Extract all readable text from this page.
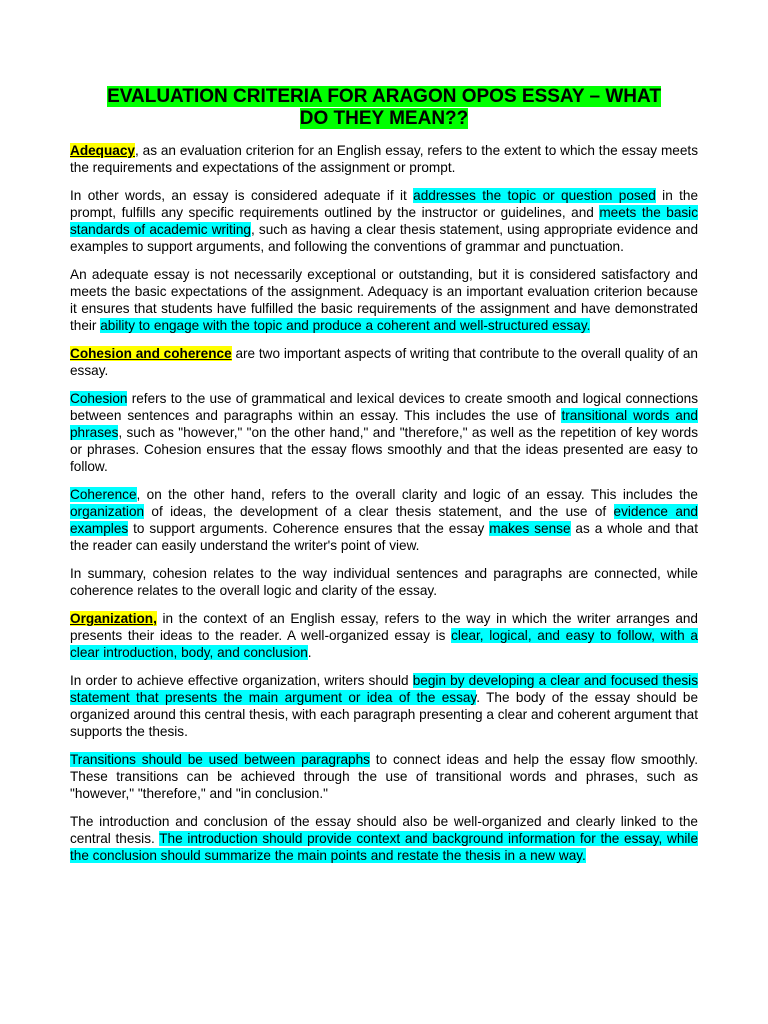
EVALUATION CRITERIA FOR ARAGON OPOS ESSAY – WHAT
DO THEY MEAN??

Adequacy, as an evaluation criterion for an English essay, refers to the extent to which the essay meets the requirements and expectations of the assignment or prompt.

In other words, an essay is considered adequate if it addresses the topic or question posed in the prompt, fulfills any specific requirements outlined by the instructor or guidelines, and meets the basic standards of academic writing, such as having a clear thesis statement, using appropriate evidence and examples to support arguments, and following the conventions of grammar and punctuation.

An adequate essay is not necessarily exceptional or outstanding, but it is considered satisfactory and meets the basic expectations of the assignment. Adequacy is an important evaluation criterion because it ensures that students have fulfilled the basic requirements of the assignment and have demonstrated their ability to engage with the topic and produce a coherent and well-structured essay.

Cohesion and coherence are two important aspects of writing that contribute to the overall quality of an essay.

Cohesion refers to the use of grammatical and lexical devices to create smooth and logical connections between sentences and paragraphs within an essay. This includes the use of transitional words and phrases, such as "however," "on the other hand," and "therefore," as well as the repetition of key words or phrases. Cohesion ensures that the essay flows smoothly and that the ideas presented are easy to follow.

Coherence, on the other hand, refers to the overall clarity and logic of an essay. This includes the organization of ideas, the development of a clear thesis statement, and the use of evidence and examples to support arguments. Coherence ensures that the essay makes sense as a whole and that the reader can easily understand the writer's point of view.

In summary, cohesion relates to the way individual sentences and paragraphs are connected, while coherence relates to the overall logic and clarity of the essay.

Organization, in the context of an English essay, refers to the way in which the writer arranges and presents their ideas to the reader. A well-organized essay is clear, logical, and easy to follow, with a clear introduction, body, and conclusion.

In order to achieve effective organization, writers should begin by developing a clear and focused thesis statement that presents the main argument or idea of the essay. The body of the essay should be organized around this central thesis, with each paragraph presenting a clear and coherent argument that supports the thesis.

Transitions should be used between paragraphs to connect ideas and help the essay flow smoothly. These transitions can be achieved through the use of transitional words and phrases, such as "however," "therefore," and "in conclusion."

The introduction and conclusion of the essay should also be well-organized and clearly linked to the central thesis. The introduction should provide context and background information for the essay, while the conclusion should summarize the main points and restate the thesis in a new way.
